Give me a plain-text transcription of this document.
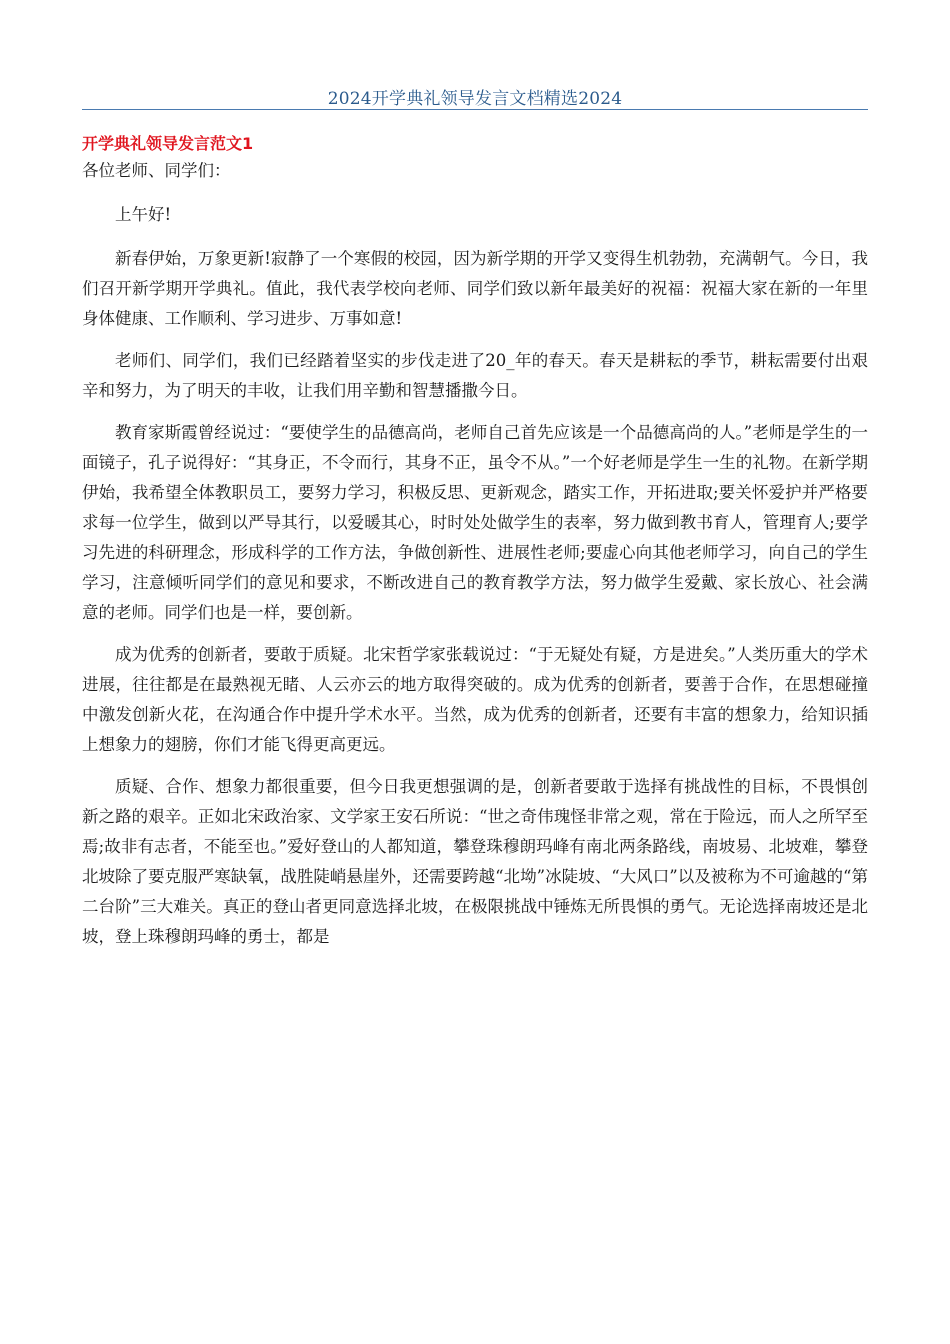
2024开学典礼领导发言文档精选2024
开学典礼领导发言范文1

各位老师、同学们：

上午好!

新春伊始，万象更新!寂静了一个寒假的校园，因为新学期的开学又变得生机勃勃，充满朝气。今日，我们召开新学期开学典礼。值此，我代表学校向老师、同学们致以新年最美好的祝福：祝福大家在新的一年里身体健康、工作顺利、学习进步、万事如意!

老师们、同学们，我们已经踏着坚实的步伐走进了20_年的春天。春天是耕耘的季节，耕耘需要付出艰辛和努力，为了明天的丰收，让我们用辛勤和智慧播撒今日。

教育家斯霞曾经说过：“要使学生的品德高尚，老师自己首先应该是一个品德高尚的人。”老师是学生的一面镜子，孔子说得好：“其身正，不令而行，其身不正，虽令不从。”一个好老师是学生一生的礼物。在新学期伊始，我希望全体教职员工，要努力学习，积极反思、更新观念，踏实工作，开拓进取;要关怀爱护并严格要求每一位学生，做到以严导其行，以爱暖其心，时时处处做学生的表率，努力做到教书育人，管理育人;要学习先进的科研理念，形成科学的工作方法，争做创新性、进展性老师;要虚心向其他老师学习，向自己的学生学习，注意倾听同学们的意见和要求，不断改进自己的教育教学方法，努力做学生爱戴、家长放心、社会满意的老师。同学们也是一样，要创新。

成为优秀的创新者，要敢于质疑。北宋哲学家张载说过：“于无疑处有疑，方是进矣。”人类历重大的学术进展，往往都是在最熟视无睹、人云亦云的地方取得突破的。成为优秀的创新者，要善于合作，在思想碰撞中激发创新火花，在沟通合作中提升学术水平。当然，成为优秀的创新者，还要有丰富的想象力，给知识插上想象力的翅膀，你们才能飞得更高更远。

质疑、合作、想象力都很重要，但今日我更想强调的是，创新者要敢于选择有挑战性的目标，不畏惧创新之路的艰辛。正如北宋政治家、文学家王安石所说：“世之奇伟瑰怪非常之观，常在于险远，而人之所罕至焉;故非有志者，不能至也。”爱好登山的人都知道，攀登珠穆朗玛峰有南北两条路线，南坡易、北坡难，攀登北坡除了要克服严寒缺氧，战胜陡峭悬崖外，还需要跨越“北坳”冰陡坡、“大风口”以及被称为不可逾越的“第二台阶”三大难关。真正的登山者更同意选择北坡，在极限挑战中锤炼无所畏惧的勇气。无论选择南坡还是北坡，登上珠穆朗玛峰的勇士，都是
